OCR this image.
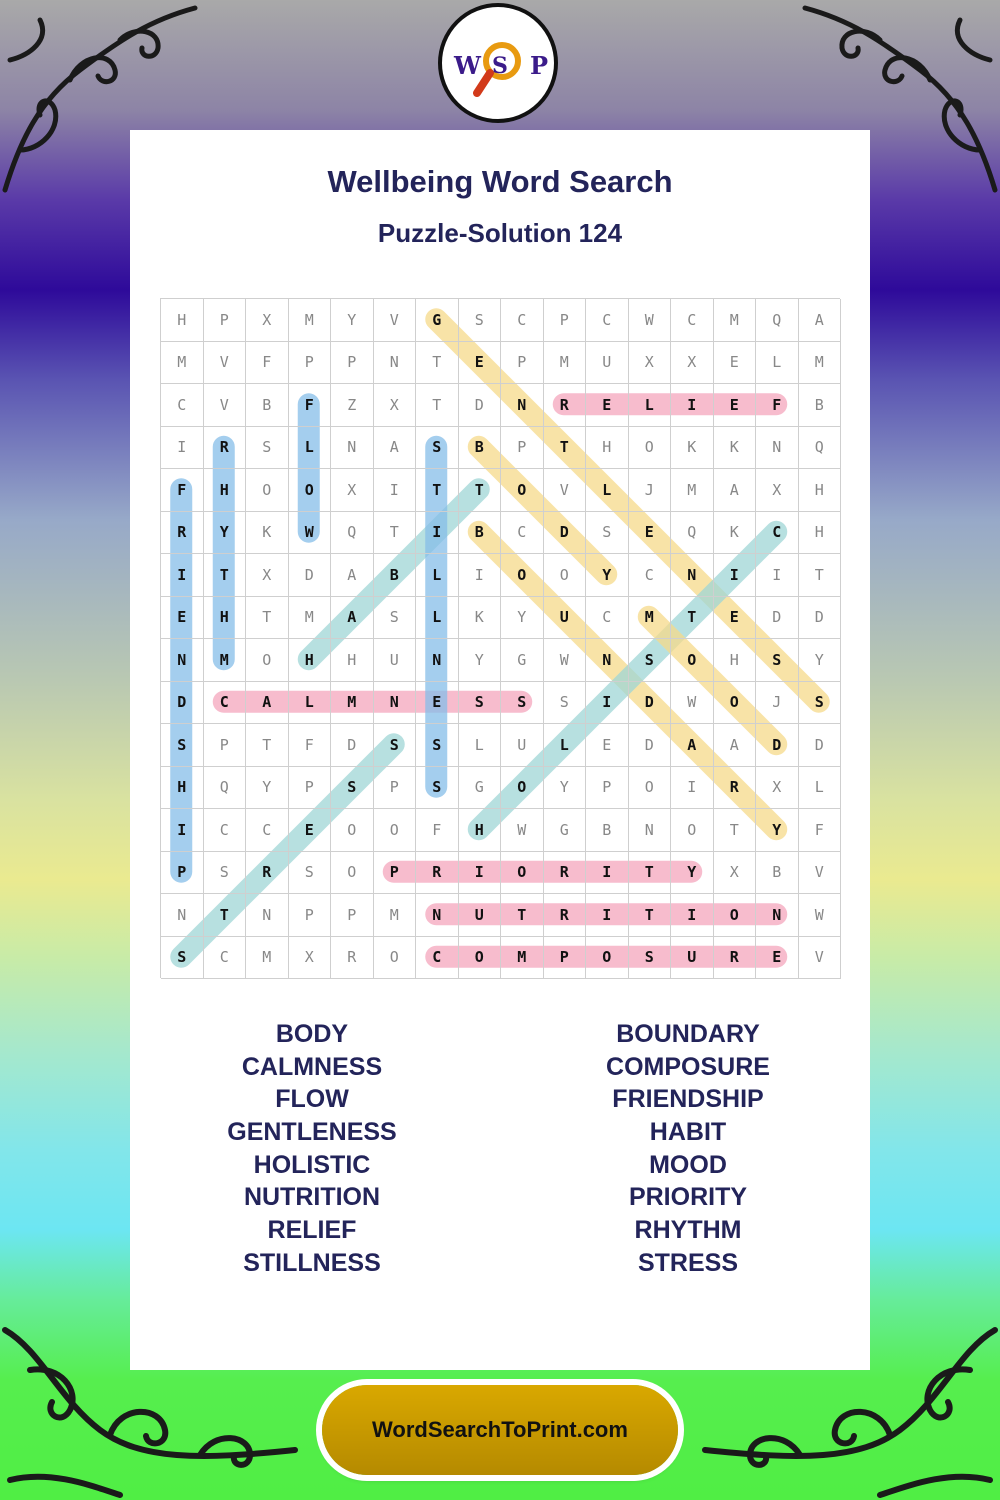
W S P
Wellbeing Word Search
Puzzle-Solution 124
H	P	X	M	Y	V	G	S	C	P	C	W	C	M	Q	A
M	V	F	P	P	N	T	E	P	M	U	X	X	E	L	M
C	V	B	F	Z	X	T	D	N	R	E	L	I	E	F	B
I	R	S	L	N	A	S	B	P	T	H	O	K	K	N	Q
F	H	O	O	X	I	T	T	O	V	L	J	M	A	X	H
R	Y	K	W	Q	T	I	B	C	D	S	E	Q	K	C	H
I	T	X	D	A	B	L	I	O	O	Y	C	N	I	I	T
E	H	T	M	A	S	L	K	Y	U	C	M	T	E	D	D
N	M	O	H	H	U	N	Y	G	W	N	S	O	H	S	Y
D	C	A	L	M	N	E	S	S	S	I	D	W	O	J	S
S	P	T	F	D	S	S	L	U	L	E	D	A	A	D	D
H	Q	Y	P	S	P	S	G	O	Y	P	O	I	R	X	L
I	C	C	E	O	O	F	H	W	G	B	N	O	T	Y	F
P	S	R	S	O	P	R	I	O	R	I	T	Y	X	B	V
N	T	N	P	P	M	N	U	T	R	I	T	I	O	N	W
S	C	M	X	R	O	C	O	M	P	O	S	U	R	E	V
BODY
CALMNESS
FLOW
GENTLENESS
HOLISTIC
NUTRITION
RELIEF
STILLNESS
BOUNDARY
COMPOSURE
FRIENDSHIP
HABIT
MOOD
PRIORITY
RHYTHM
STRESS
WordSearchToPrint.com
